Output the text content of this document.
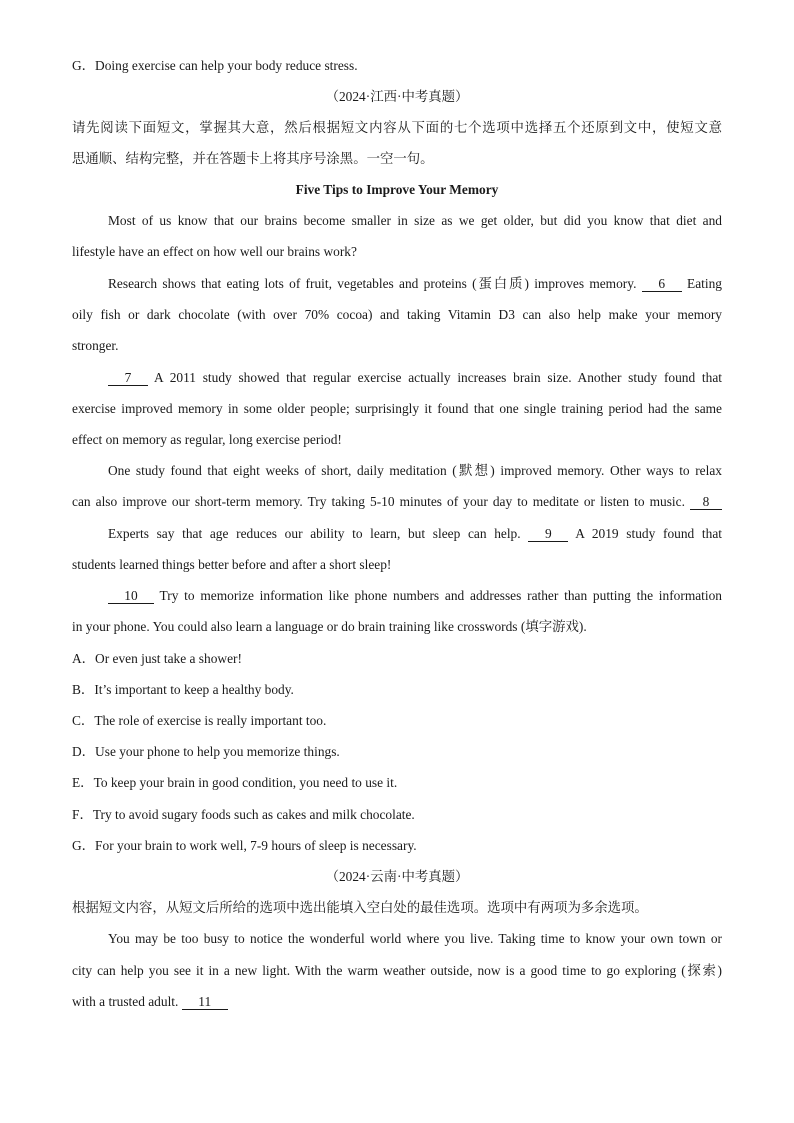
G．Doing exercise can help your body reduce stress.
（2024·江西·中考真题）
请先阅读下面短文，掌握其大意，然后根据短文内容从下面的七个选项中选择五个还原到文中，使短文意
思通顺、结构完整，并在答题卡上将其序号涂黑。一空一句。
Five Tips to Improve Your Memory
Most of us know that our brains become smaller in size as we get older, but did you know that diet and
lifestyle have an effect on how well our brains work?
Research shows that eating lots of fruit, vegetables and proteins (蛋白质) improves memory. 6 Eating
oily fish or dark chocolate (with over 70% cocoa) and taking Vitamin D3 can also help make your memory
stronger.
7 A 2011 study showed that regular exercise actually increases brain size. Another study found that
exercise improved memory in some older people; surprisingly it found that one single training period had the same
effect on memory as regular, long exercise period!
One study found that eight weeks of short, daily meditation (默想) improved memory. Other ways to relax
can also improve our short-term memory. Try taking 5-10 minutes of your day to meditate or listen to music. 8
Experts say that age reduces our ability to learn, but sleep can help. 9 A 2019 study found that
students learned things better before and after a short sleep!
10 Try to memorize information like phone numbers and addresses rather than putting the information
in your phone. You could also learn a language or do brain training like crosswords (填字游戏).
A．Or even just take a shower!
B．It’s important to keep a healthy body.
C．The role of exercise is really important too.
D．Use your phone to help you memorize things.
E．To keep your brain in good condition, you need to use it.
F．Try to avoid sugary foods such as cakes and milk chocolate.
G．For your brain to work well, 7-9 hours of sleep is necessary.
（2024·云南·中考真题）
根据短文内容，从短文后所给的选项中选出能填入空白处的最佳选项。选项中有两项为多余选项。
You may be too busy to notice the wonderful world where you live. Taking time to know your own town or
city can help you see it in a new light. With the warm weather outside, now is a good time to go exploring (探索)
with a trusted adult. 11
